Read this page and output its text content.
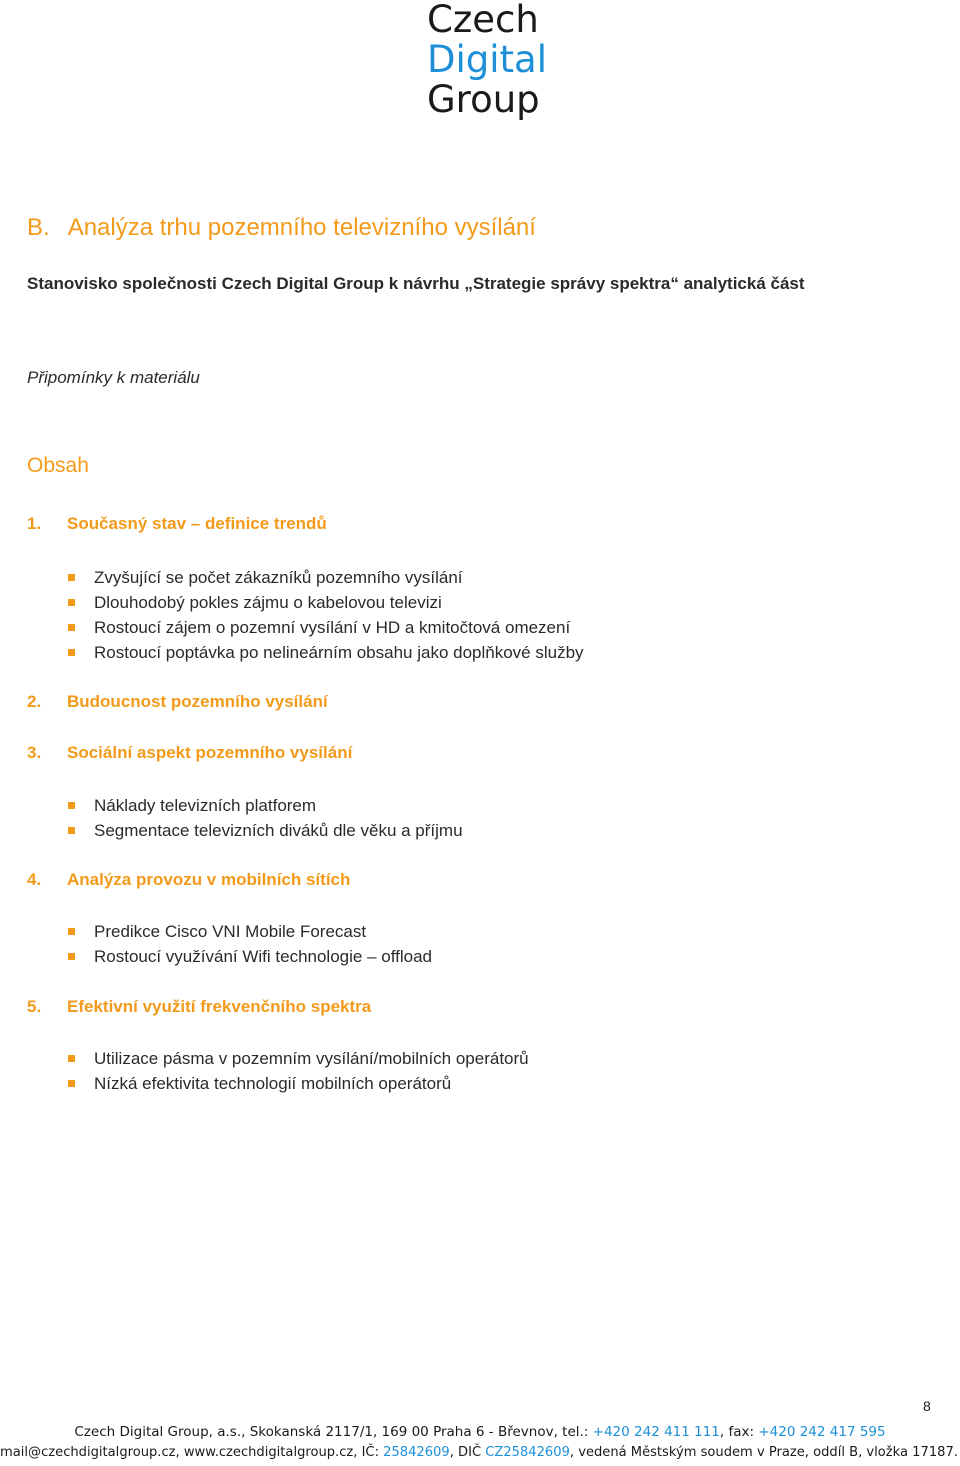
Czech
Digital
Group
B. Analýza trhu pozemního televizního vysílání
Stanovisko společnosti Czech Digital Group k návrhu „Strategie správy spektra“ analytická část
Připomínky k materiálu
Obsah
1. Současný stav – definice trendů
Zvyšující se počet zákazníků pozemního vysílání
Dlouhodobý pokles zájmu o kabelovou televizi
Rostoucí zájem o pozemní vysílání v HD a kmitočtová omezení
Rostoucí poptávka po nelineárním obsahu jako doplňkové služby
2. Budoucnost pozemního vysílání
3. Sociální aspekt pozemního vysílání
Náklady televizních platforem
Segmentace televizních diváků dle věku a příjmu
4. Analýza provozu v mobilních sítích
Predikce Cisco VNI Mobile Forecast
Rostoucí využívání Wifi technologie – offload
5. Efektivní využití frekvenčního spektra
Utilizace pásma v pozemním vysílání/mobilních operátorů
Nízká efektivita technologií mobilních operátorů
8
Czech Digital Group, a.s., Skokanská 2117/1, 169 00 Praha 6 - Břevnov, tel.: +420 242 411 111, fax: +420 242 417 595
mail@czechdigitalgroup.cz, www.czechdigitalgroup.cz, IČ: 25842609, DIČ CZ25842609, vedená Městským soudem v Praze, oddíl B, vložka 17187.
